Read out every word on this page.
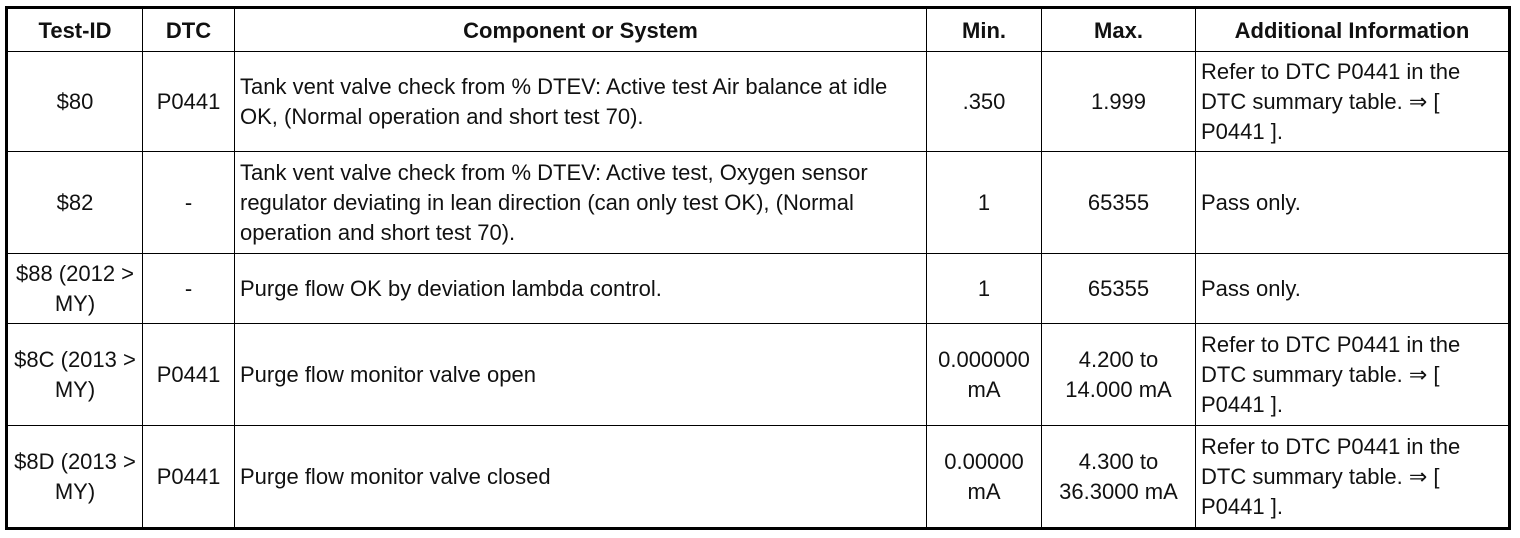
Test-ID	DTC	Component or System	Min.	Max.	Additional Information
$80	P0441	Tank vent valve check from % DTEV: Active test Air balance at idle OK, (Normal operation and short test 70).	.350	1.999	Refer to DTC P0441 in the DTC summary table. ⇒ [ P0441 ].
$82	-	Tank vent valve check from % DTEV: Active test, Oxygen sensor regulator deviating in lean direction (can only test OK), (Normal operation and short test 70).	1	65355	Pass only.
$88 (2012 > MY)	-	Purge flow OK by deviation lambda control.	1	65355	Pass only.
$8C (2013 > MY)	P0441	Purge flow monitor valve open	0.000000 mA	4.200 to 14.000 mA	Refer to DTC P0441 in the DTC summary table. ⇒ [ P0441 ].
$8D (2013 > MY)	P0441	Purge flow monitor valve closed	0.00000 mA	4.300 to 36.3000 mA	Refer to DTC P0441 in the DTC summary table. ⇒ [ P0441 ].
